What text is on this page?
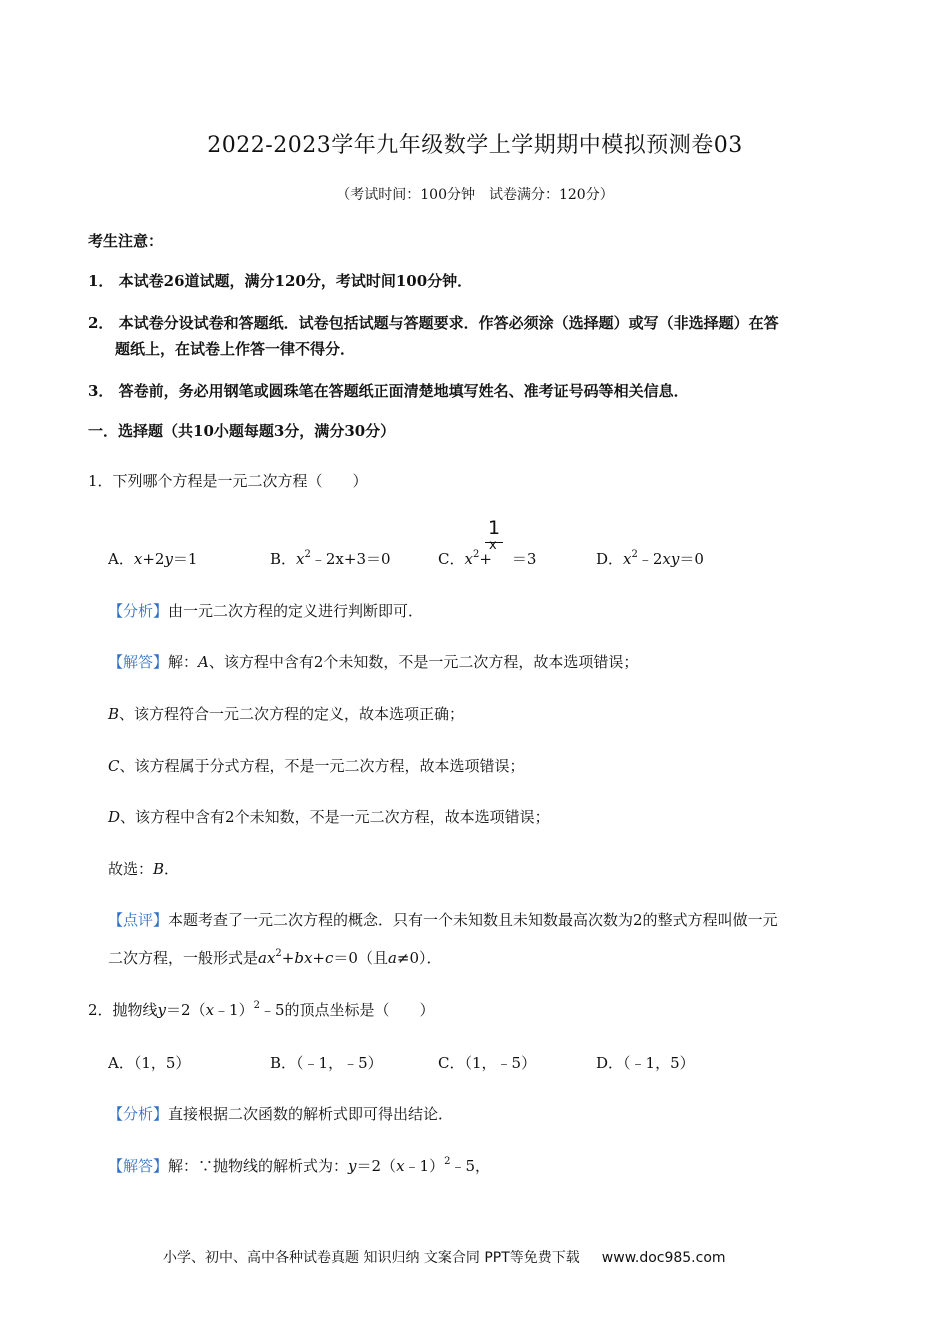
2022-2023学年九年级数学上学期期中模拟预测卷03
（考试时间：100分钟　试卷满分：120分）
考生注意：
1． 本试卷26道试题，满分120分，考试时间100分钟．
2． 本试卷分设试卷和答题纸．试卷包括试题与答题要求．作答必须涂（选择题）或写（非选择题）在答
题纸上，在试卷上作答一律不得分．
3． 答卷前，务必用钢笔或圆珠笔在答题纸正面清楚地填写姓名、准考证号码等相关信息．
一．选择题（共10小题每题3分，满分30分）
1．下列哪个方程是一元二次方程（　　）
A．x+2y＝1	B．$x^2﹣2x+3=0$	C．$x^2+ =3$
1
x
D．$x^2﹣2xy=0$
【分析】由一元二次方程的定义进行判断即可．
【解答】解：A、该方程中含有2个未知数，不是一元二次方程，故本选项错误；
B、该方程符合一元二次方程的定义，故本选项正确；
C、该方程属于分式方程，不是一元二次方程，故本选项错误；
D、该方程中含有2个未知数，不是一元二次方程，故本选项错误；
故选：B．
【点评】本题考查了一元二次方程的概念．只有一个未知数且未知数最高次数为2的整式方程叫做一元
二次方程，一般形式是$ax^2+bx+c=0$（且a≠0）．
2．抛物线y＝2（x﹣1）$^2$﹣5的顶点坐标是（　　）
A．（1，5）	B．（﹣1，﹣5）	C．（1，﹣5）	D．（﹣1，5）
【分析】直接根据二次函数的解析式即可得出结论．
【解答】解：∵抛物线的解析式为：y＝2（x﹣1）$^2$﹣5，
小学、初中、高中各种试卷真题 知识归纳 文案合同 PPT等免费下载 www.doc985.com
